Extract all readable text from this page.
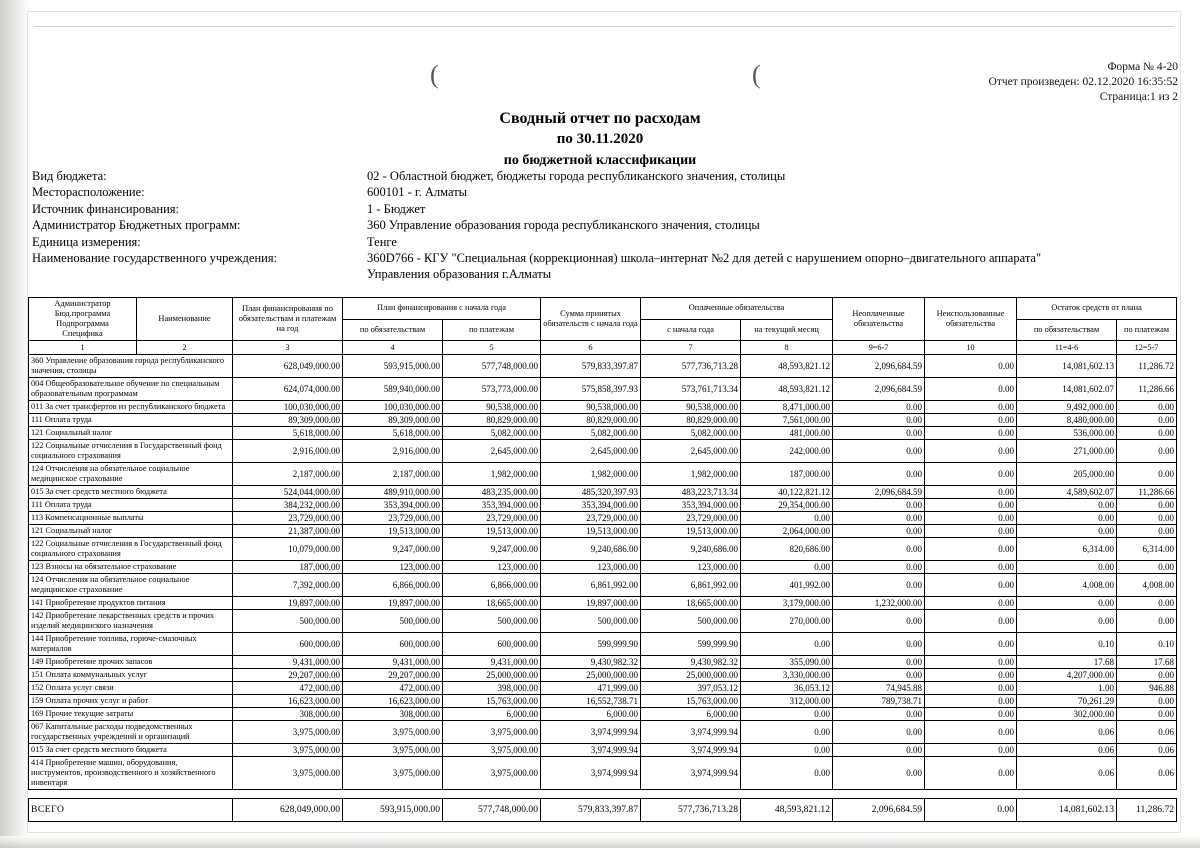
(	(	Форма № 4-20
Отчет произведен: 02.12.2020 16:35:52
Страница:1 из 2
Сводный отчет по расходам
по 30.11.2020
по бюджетной классификации
Вид бюджета:	02 - Областной бюджет, бюджеты города республиканского значения, столицы
Месторасположение:	600101 - г. Алматы
Источник финансирования:	1 - Бюджет
Администратор Бюджетных программ:	360 Управление образования города республиканского значения, столицы
Единица измерения:	Тенге
Наименование государственного учреждения:	360D766 - КГУ "Специальная (коррекционная) школа–интернат №2 для детей с нарушением опорно–двигательного аппарата"
Управления образования г.Алматы
Администратор
Бюд.программа
Подпрограмма
Спецификa	Наименование	План финансирования по обязательствам и платежам на год	План финансирования с начала года		Сумма принятых обязательств с начала года	Оплаченные обязательства		Неоплаченные обязательства	Неиспользованные обязательства	Остаток средств от плана	
			по обязательствам	по платежам		с начала года	на текущий месяц			по обязательствам	по платежам
1	2	3	4	5	6	7	8	9=6-7	10	11=4-6	12=5-7
360 Управление образования города республиканского значения, столицы		628,049,000.00	593,915,000.00	577,748,000.00	579,833,397.87	577,736,713.28	48,593,821.12	2,096,684.59	0.00	14,081,602.13	11,286.72
004 Общеобразовательное обучение по специальным образовательным программам		624,074,000.00	589,940,000.00	573,773,000.00	575,858,397.93	573,761,713.34	48,593,821.12	2,096,684.59	0.00	14,081,602.07	11,286.66
011 За счет трансфертов из республиканского бюджета		100,030,000.00	100,030,000.00	90,538,000.00	90,538,000.00	90,538,000.00	8,471,000.00	0.00	0.00	9,492,000.00	0.00
111 Оплата труда		89,309,000.00	89,309,000.00	80,829,000.00	80,829,000.00	80,829,000.00	7,561,000.00	0.00	0.00	8,480,000.00	0.00
121 Социальный налог		5,618,000.00	5,618,000.00	5,082,000.00	5,082,000.00	5,082,000.00	481,000.00	0.00	0.00	536,000.00	0.00
122 Социальные отчисления в Государственный фонд социального страхования		2,916,000.00	2,916,000.00	2,645,000.00	2,645,000.00	2,645,000.00	242,000.00	0.00	0.00	271,000.00	0.00
124 Отчисления на обязательное социальное медицинское страхование		2,187,000.00	2,187,000.00	1,982,000.00	1,982,000.00	1,982,000.00	187,000.00	0.00	0.00	205,000.00	0.00
015 За счет средств местного бюджета		524,044,000.00	489,910,000.00	483,235,000.00	485,320,397.93	483,223,713.34	40,122,821.12	2,096,684.59	0.00	4,589,602.07	11,286.66
111 Оплата труда		384,232,000.00	353,394,000.00	353,394,000.00	353,394,000.00	353,394,000.00	29,354,000.00	0.00	0.00	0.00	0.00
113 Компенсационные выплаты		23,729,000.00	23,729,000.00	23,729,000.00	23,729,000.00	23,729,000.00	0.00	0.00	0.00	0.00	0.00
121 Социальный налог		21,387,000.00	19,513,000.00	19,513,000.00	19,513,000.00	19,513,000.00	2,064,000.00	0.00	0.00	0.00	0.00
122 Социальные отчисления в Государственный фонд социального страхования		10,079,000.00	9,247,000.00	9,247,000.00	9,240,686.00	9,240,686.00	820,686.00	0.00	0.00	6,314.00	6,314.00
123 Взносы на обязательное страхование		187,000.00	123,000.00	123,000.00	123,000.00	123,000.00	0.00	0.00	0.00	0.00	0.00
124 Отчисления на обязательное социальное медицинское страхование		7,392,000.00	6,866,000.00	6,866,000.00	6,861,992.00	6,861,992.00	401,992.00	0.00	0.00	4,008.00	4,008.00
141 Приобретение продуктов питания		19,897,000.00	19,897,000.00	18,665,000.00	19,897,000.00	18,665,000.00	3,179,000.00	1,232,000.00	0.00	0.00	0.00
142 Приобретение лекарственных средств и прочих изделий медицинского назначения		500,000.00	500,000.00	500,000.00	500,000.00	500,000.00	270,000.00	0.00	0.00	0.00	0.00
144 Приобретение топлива, горюче-смазочных материалов		600,000.00	600,000.00	600,000.00	599,999.90	599,999.90	0.00	0.00	0.00	0.10	0.10
149 Приобретение прочих запасов		9,431,000.00	9,431,000.00	9,431,000.00	9,430,982.32	9,430,982.32	355,090.00	0.00	0.00	17.68	17.68
151 Оплата коммунальных услуг		29,207,000.00	29,207,000.00	25,000,000.00	25,000,000.00	25,000,000.00	3,330,000.00	0.00	0.00	4,207,000.00	0.00
152 Оплата услуг связи		472,000.00	472,000.00	398,000.00	471,999.00	397,053.12	36,053.12	74,945.88	0.00	1.00	946.88
159 Оплата прочих услуг и работ		16,623,000.00	16,623,000.00	15,763,000.00	16,552,738.71	15,763,000.00	312,000.00	789,738.71	0.00	70,261.29	0.00
169 Прочие текущие затраты		308,000.00	308,000.00	6,000.00	6,000.00	6,000.00	0.00	0.00	0.00	302,000.00	0.00
067 Капитальные расходы подведомственных государственных учреждений и организаций		3,975,000.00	3,975,000.00	3,975,000.00	3,974,999.94	3,974,999.94	0.00	0.00	0.00	0.06	0.06
015 За счет средств местного бюджета		3,975,000.00	3,975,000.00	3,975,000.00	3,974,999.94	3,974,999.94	0.00	0.00	0.00	0.06	0.06
414 Приобретение машин, оборудования, инструментов, производственного и хозяйственного инвентаря		3,975,000.00	3,975,000.00	3,975,000.00	3,974,999.94	3,974,999.94	0.00	0.00	0.00	0.06	0.06

ВСЕГО		628,049,000.00	593,915,000.00	577,748,000.00	579,833,397.87	577,736,713.28	48,593,821.12	2,096,684.59	0.00	14,081,602.13	11,286.72
